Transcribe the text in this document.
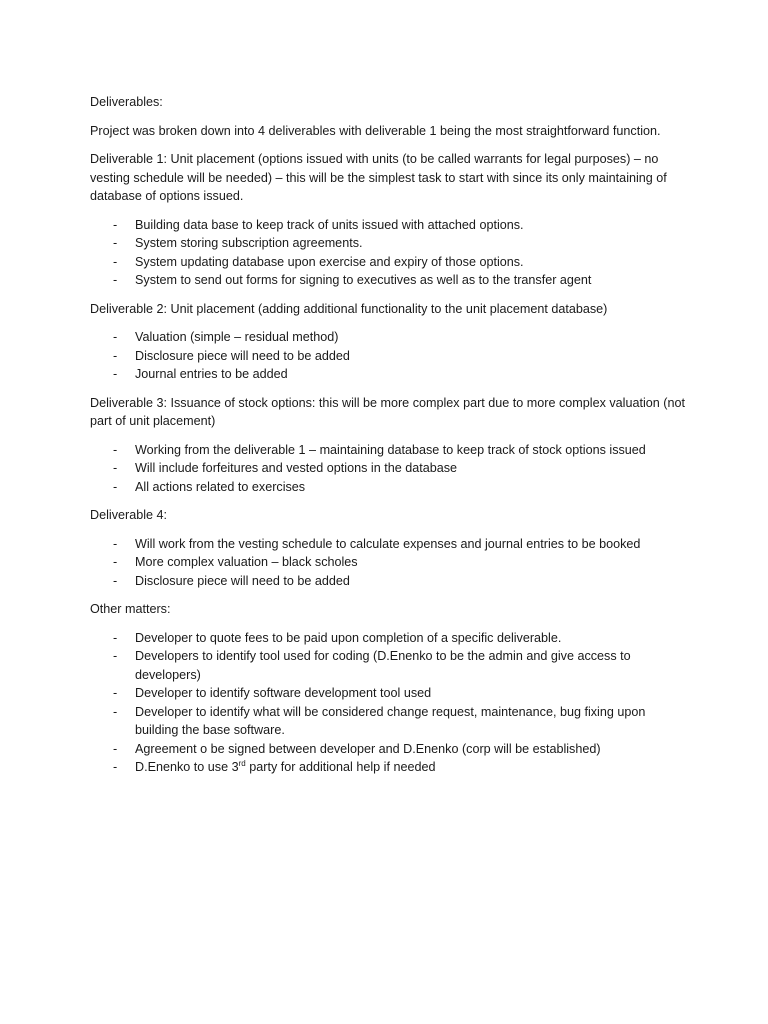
Deliverables:

Project was broken down into 4 deliverables with deliverable 1 being the most straightforward function.

Deliverable 1: Unit placement (options issued with units (to be called warrants for legal purposes) – no vesting schedule will be needed) – this will be the simplest task to start with since its only maintaining of database of options issued.

- Building data base to keep track of units issued with attached options.
- System storing subscription agreements.
- System updating database upon exercise and expiry of those options.
- System to send out forms for signing to executives as well as to the transfer agent

Deliverable 2: Unit placement (adding additional functionality to the unit placement database)

- Valuation (simple – residual method)
- Disclosure piece will need to be added
- Journal entries to be added

Deliverable 3: Issuance of stock options: this will be more complex part due to more complex valuation (not part of unit placement)

- Working from the deliverable 1 – maintaining database to keep track of stock options issued
- Will include forfeitures and vested options in the database
- All actions related to exercises

Deliverable 4:

- Will work from the vesting schedule to calculate expenses and journal entries to be booked
- More complex valuation – black scholes
- Disclosure piece will need to be added

Other matters:

- Developer to quote fees to be paid upon completion of a specific deliverable.
- Developers to identify tool used for coding (D.Enenko to be the admin and give access to developers)
- Developer to identify software development tool used
- Developer to identify what will be considered change request, maintenance, bug fixing upon building the base software.
- Agreement o be signed between developer and D.Enenko (corp will be established)
- D.Enenko to use 3rd party for additional help if needed
